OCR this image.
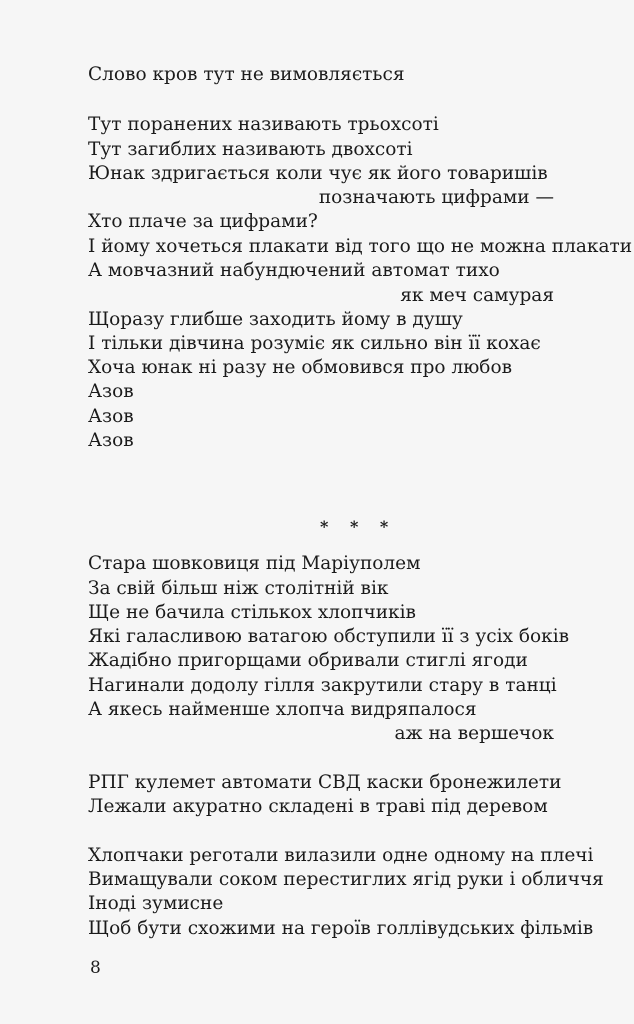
Слово кров тут не вимовляється
Тут поранених називають трьохсоті
Тут загиблих називають двохсоті
Юнак здригається коли чує як його товаришів
позначають цифрами —
Хто плаче за цифрами?
І йому хочеться плакати від того що не можна плакати
А мовчазний набундючений автомат тихо
як меч самурая
Щоразу глибше заходить йому в душу
І тільки дівчина розуміє як сильно він її кохає
Хоча юнак ні разу не обмовився про любов
Азов
Азов
Азов
* * *
Стара шовковиця під Маріуполем
За свій більш ніж столітній вік
Ще не бачила стількох хлопчиків
Які галасливою ватагою обступили її з усіх боків
Жадібно пригорщами обривали стиглі ягоди
Нагинали додолу гілля закрутили стару в танці
А якесь найменше хлопча видряпалося
аж на вершечок
РПГ кулемет автомати СВД каски бронежилети
Лежали акуратно складені в траві під деревом
Хлопчаки реготали вилазили одне одному на плечі
Вимащували соком перестиглих ягід руки і обличчя
Іноді зумисне
Щоб бути схожими на героїв голлівудських фільмів
8
